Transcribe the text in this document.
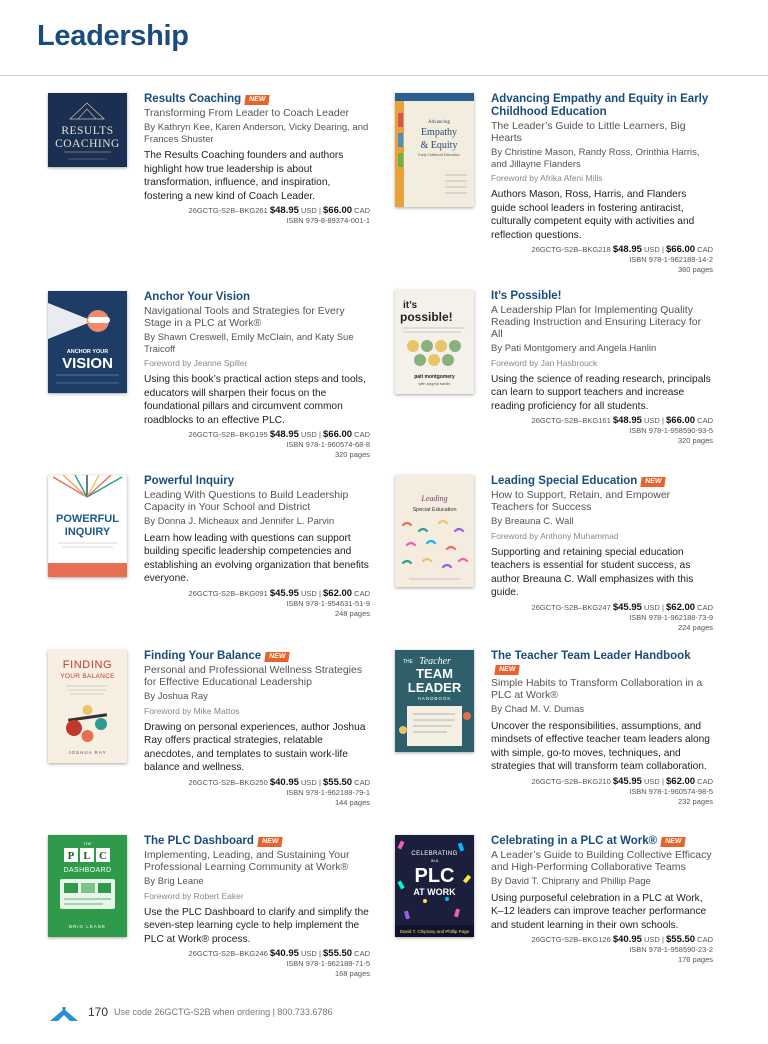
Leadership
RESULTS
COACHING
Results Coaching NEW
Transforming From Leader to Coach Leader
By Kathryn Kee, Karen Anderson, Vicky Dearing, and Frances Shuster
The Results Coaching founders and authors highlight how true leadership is about transformation, influence, and inspiration, fostering a new kind of Coach Leader.
26GCTG-S2B–BKG261 $48.95 USD | $66.00 CAD
ISBN 979-8-89374-001-1
Advancing
Empathy
& Equity
Early Childhood Education
Advancing Empathy and Equity in Early Childhood Education
The Leader’s Guide to Little Learners, Big Hearts
By Christine Mason, Randy Ross, Orinthia Harris, and Jillayne Flanders
Foreword by Afrika Afeni Mills
Authors Mason, Ross, Harris, and Flanders guide school leaders in fostering antiracist, culturally competent equity with activities and reflection questions.
26GCTG-S2B–BKG218 $48.95 USD | $66.00 CAD
ISBN 978-1-962188-14-2
360 pages
ANCHOR YOUR
VISION
Anchor Your Vision
Navigational Tools and Strategies for Every Stage in a PLC at Work®
By Shawn Creswell, Emily McClain, and Katy Sue Traicoff
Foreword by Jeanne Spiller
Using this book’s practical action steps and tools, educators will sharpen their focus on the foundational pillars and circumvent common roadblocks to an effective PLC.
26GCTG-S2B–BKG195 $48.95 USD | $66.00 CAD
ISBN 978-1-960574-68-8
320 pages
it’s
possible!
pati montgomery
with angela hanlin
It’s Possible!
A Leadership Plan for Implementing Quality Reading Instruction and Ensuring Literacy for All
By Pati Montgomery and Angela Hanlin
Foreword by Jan Hasbrouck
Using the science of reading research, principals can learn to support teachers and increase reading proficiency for all students.
26GCTG-S2B–BKG161 $48.95 USD | $66.00 CAD
ISBN 978-1-958590-93-5
320 pages
POWERFUL
INQUIRY
Powerful Inquiry
Leading With Questions to Build Leadership Capacity in Your School and District
By Donna J. Micheaux and Jennifer L. Parvin
Learn how leading with questions can support building specific leadership competencies and establishing an evolving organization that benefits everyone.
26GCTG-S2B–BKG091 $45.95 USD | $62.00 CAD
ISBN 978-1-954631-51-9
248 pages
Leading
Special Education
Leading Special Education NEW
How to Support, Retain, and Empower Teachers for Success
By Breauna C. Wall
Foreword by Anthony Muhammad
Supporting and retaining special education teachers is essential for student success, as author Breauna C. Wall emphasizes with this guide.
26GCTG-S2B–BKG247 $45.95 USD | $62.00 CAD
ISBN 978-1-962188-73-9
224 pages
FINDING
YOUR BALANCE
JOSHUA RAY
Finding Your Balance NEW
Personal and Professional Wellness Strategies for Effective Educational Leadership
By Joshua Ray
Foreword by Mike Mattos
Drawing on personal experiences, author Joshua Ray offers practical strategies, relatable anecdotes, and templates to sustain work-life balance and wellness.
26GCTG-S2B–BKG250 $40.95 USD | $55.50 CAD
ISBN 978-1-962188-79-1
144 pages
THE Teacher
TEAM
LEADER
HANDBOOK
The Teacher Team Leader HandbookNEW
Simple Habits to Transform Collaboration in a PLC at Work®
By Chad M. V. Dumas
Uncover the responsibilities, assumptions, and mindsets of effective teacher team leaders along with simple, go-to moves, techniques, and strategies that will transform team collaboration.
26GCTG-S2B–BKG210 $45.95 USD | $62.00 CAD
ISBN 978-1-960574-98-5
232 pages
THE
P L C
DASHBOARD
BRIG LEANE
The PLC Dashboard NEW
Implementing, Leading, and Sustaining Your Professional Learning Community at Work®
By Brig Leane
Foreword by Robert Eaker
Use the PLC Dashboard to clarify and simplify the seven-step learning cycle to help implement the PLC at Work® process.
26GCTG-S2B–BKG246 $40.95 USD | $55.50 CAD
ISBN 978-1-962188-71-5
168 pages
CELEBRATING
IN A
PLC
AT WORK
David T. Chiprany and Phillip Page
Celebrating in a PLC at Work® NEW
A Leader’s Guide to Building Collective Efficacy and High-Performing Collaborative Teams
By David T. Chiprany and Phillip Page
Using purposeful celebration in a PLC at Work, K–12 leaders can improve teacher performance and student learning in their own schools.
26GCTG-S2B–BKG126 $40.95 USD | $55.50 CAD
ISBN 978-1-958590-23-2
176 pages
170 Use code 26GCTG-S2B when ordering | 800.733.6786
